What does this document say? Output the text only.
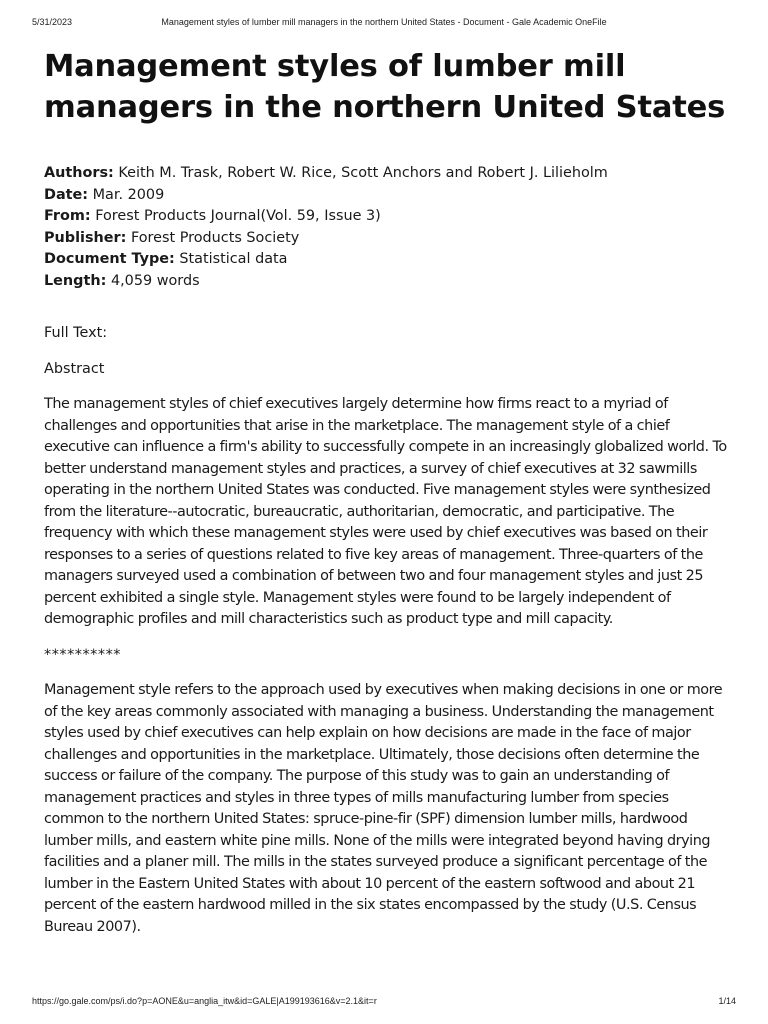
5/31/2023	Management styles of lumber mill managers in the northern United States - Document - Gale Academic OneFile
Management styles of lumber mill managers in the northern United States
Authors: Keith M. Trask, Robert W. Rice, Scott Anchors and Robert J. Lilieholm
Date: Mar. 2009
From: Forest Products Journal(Vol. 59, Issue 3)
Publisher: Forest Products Society
Document Type: Statistical data
Length: 4,059 words
Full Text:
Abstract

The management styles of chief executives largely determine how firms react to a myriad of challenges and opportunities that arise in the marketplace. The management style of a chief executive can influence a firm's ability to successfully compete in an increasingly globalized world. To better understand management styles and practices, a survey of chief executives at 32 sawmills operating in the northern United States was conducted. Five management styles were synthesized from the literature--autocratic, bureaucratic, authoritarian, democratic, and participative. The frequency with which these management styles were used by chief executives was based on their responses to a series of questions related to five key areas of management. Three-quarters of the managers surveyed used a combination of between two and four management styles and just 25 percent exhibited a single style. Management styles were found to be largely independent of demographic profiles and mill characteristics such as product type and mill capacity.

**********

Management style refers to the approach used by executives when making decisions in one or more of the key areas commonly associated with managing a business. Understanding the management styles used by chief executives can help explain on how decisions are made in the face of major challenges and opportunities in the marketplace. Ultimately, those decisions often determine the success or failure of the company. The purpose of this study was to gain an understanding of management practices and styles in three types of mills manufacturing lumber from species common to the northern United States: spruce-pine-fir (SPF) dimension lumber mills, hardwood lumber mills, and eastern white pine mills. None of the mills were integrated beyond having drying facilities and a planer mill. The mills in the states surveyed produce a significant percentage of the lumber in the Eastern United States with about 10 percent of the eastern softwood and about 21 percent of the eastern hardwood milled in the six states encompassed by the study (U.S. Census Bureau 2007).

https://go.gale.com/ps/i.do?p=AONE&u=anglia_itw&id=GALE|A199193616&v=2.1&it=r	1/14
